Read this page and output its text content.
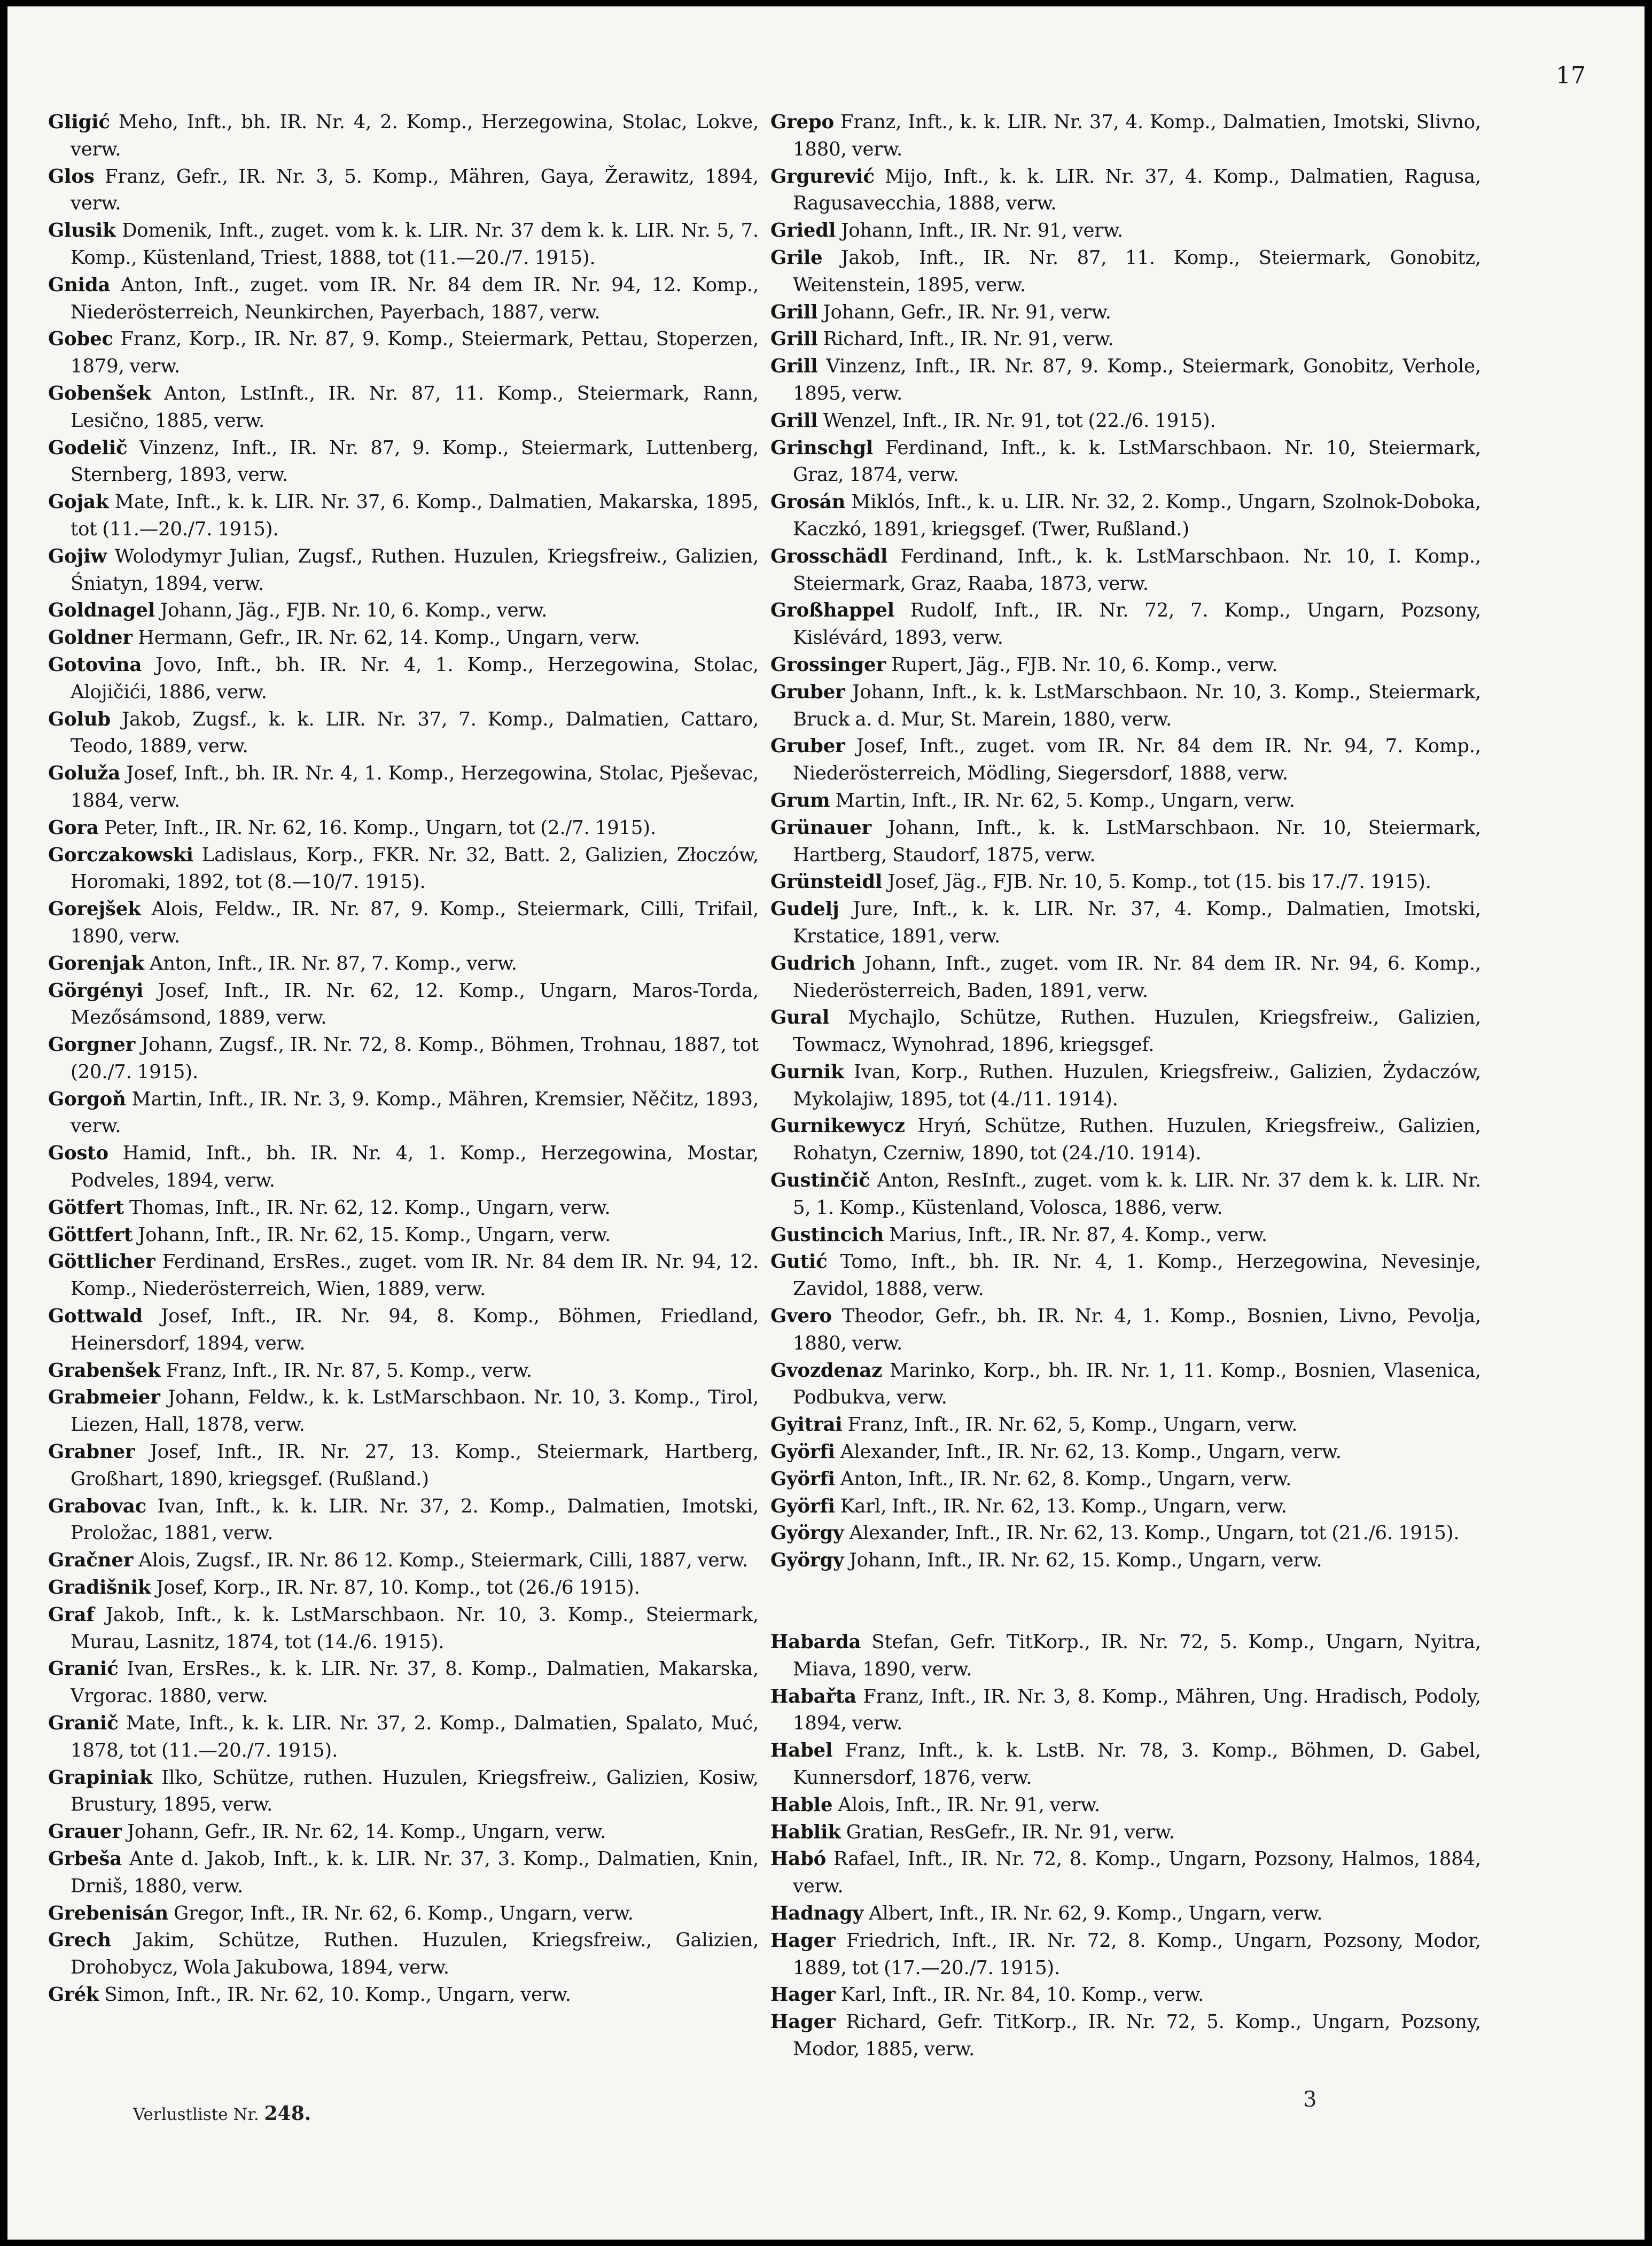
17

Gligić Meho, Inft., bh. IR. Nr. 4, 2. Komp., Herzegowina, Stolac, Lokve, verw.

Glos Franz, Gefr., IR. Nr. 3, 5. Komp., Mähren, Gaya, Žerawitz, 1894, verw.

Glusik Domenik, Inft., zuget. vom k. k. LIR. Nr. 37 dem k. k. LIR. Nr. 5, 7. Komp., Küstenland, Triest, 1888, tot (11.—20./7. 1915).

Gnida Anton, Inft., zuget. vom IR. Nr. 84 dem IR. Nr. 94, 12. Komp., Niederösterreich, Neunkirchen, Payerbach, 1887, verw.

Gobec Franz, Korp., IR. Nr. 87, 9. Komp., Steiermark, Pettau, Stoperzen, 1879, verw.

Gobenšek Anton, LstInft., IR. Nr. 87, 11. Komp., Steiermark, Rann, Lesično, 1885, verw.

Godelič Vinzenz, Inft., IR. Nr. 87, 9. Komp., Steiermark, Luttenberg, Sternberg, 1893, verw.

Gojak Mate, Inft., k. k. LIR. Nr. 37, 6. Komp., Dalmatien, Makarska, 1895, tot (11.—20./7. 1915).

Gojiw Wolodymyr Julian, Zugsf., Ruthen. Huzulen, Kriegsfreiw., Galizien, Śniatyn, 1894, verw.

Goldnagel Johann, Jäg., FJB. Nr. 10, 6. Komp., verw.

Goldner Hermann, Gefr., IR. Nr. 62, 14. Komp., Ungarn, verw.

Gotovina Jovo, Inft., bh. IR. Nr. 4, 1. Komp., Herzegowina, Stolac, Alojičići, 1886, verw.

Golub Jakob, Zugsf., k. k. LIR. Nr. 37, 7. Komp., Dalmatien, Cattaro, Teodo, 1889, verw.

Goluža Josef, Inft., bh. IR. Nr. 4, 1. Komp., Herzegowina, Stolac, Pješevac, 1884, verw.

Gora Peter, Inft., IR. Nr. 62, 16. Komp., Ungarn, tot (2./7. 1915).

Gorczakowski Ladislaus, Korp., FKR. Nr. 32, Batt. 2, Galizien, Złoczów, Horomaki, 1892, tot (8.—10/7. 1915).

Gorejšek Alois, Feldw., IR. Nr. 87, 9. Komp., Steiermark, Cilli, Trifail, 1890, verw.

Gorenjak Anton, Inft., IR. Nr. 87, 7. Komp., verw.

Görgényi Josef, Inft., IR. Nr. 62, 12. Komp., Ungarn, Maros-Torda, Mezősámsond, 1889, verw.

Gorgner Johann, Zugsf., IR. Nr. 72, 8. Komp., Böhmen, Trohnau, 1887, tot (20./7. 1915).

Gorgoň Martin, Inft., IR. Nr. 3, 9. Komp., Mähren, Kremsier, Něčitz, 1893, verw.

Gosto Hamid, Inft., bh. IR. Nr. 4, 1. Komp., Herzegowina, Mostar, Podveles, 1894, verw.

Götfert Thomas, Inft., IR. Nr. 62, 12. Komp., Ungarn, verw.

Göttfert Johann, Inft., IR. Nr. 62, 15. Komp., Ungarn, verw.

Göttlicher Ferdinand, ErsRes., zuget. vom IR. Nr. 84 dem IR. Nr. 94, 12. Komp., Niederösterreich, Wien, 1889, verw.

Gottwald Josef, Inft., IR. Nr. 94, 8. Komp., Böhmen, Friedland, Heinersdorf, 1894, verw.

Grabenšek Franz, Inft., IR. Nr. 87, 5. Komp., verw.

Grabmeier Johann, Feldw., k. k. LstMarschbaon. Nr. 10, 3. Komp., Tirol, Liezen, Hall, 1878, verw.

Grabner Josef, Inft., IR. Nr. 27, 13. Komp., Steiermark, Hartberg, Großhart, 1890, kriegsgef. (Rußland.)

Grabovac Ivan, Inft., k. k. LIR. Nr. 37, 2. Komp., Dalmatien, Imotski, Proložac, 1881, verw.

Gračner Alois, Zugsf., IR. Nr. 86 12. Komp., Steiermark, Cilli, 1887, verw.

Gradišnik Josef, Korp., IR. Nr. 87, 10. Komp., tot (26./6 1915).

Graf Jakob, Inft., k. k. LstMarschbaon. Nr. 10, 3. Komp., Steiermark, Murau, Lasnitz, 1874, tot (14./6. 1915).

Granić Ivan, ErsRes., k. k. LIR. Nr. 37, 8. Komp., Dalmatien, Makarska, Vrgorac. 1880, verw.

Granič Mate, Inft., k. k. LIR. Nr. 37, 2. Komp., Dalmatien, Spalato, Muć, 1878, tot (11.—20./7. 1915).

Grapiniak Ilko, Schütze, ruthen. Huzulen, Kriegsfreiw., Galizien, Kosiw, Brustury, 1895, verw.

Grauer Johann, Gefr., IR. Nr. 62, 14. Komp., Ungarn, verw.

Grbeša Ante d. Jakob, Inft., k. k. LIR. Nr. 37, 3. Komp., Dalmatien, Knin, Drniš, 1880, verw.

Grebenisán Gregor, Inft., IR. Nr. 62, 6. Komp., Ungarn, verw.

Grech Jakim, Schütze, Ruthen. Huzulen, Kriegsfreiw., Galizien, Drohobycz, Wola Jakubowa, 1894, verw.

Grék Simon, Inft., IR. Nr. 62, 10. Komp., Ungarn, verw.

Grepo Franz, Inft., k. k. LIR. Nr. 37, 4. Komp., Dalmatien, Imotski, Slivno, 1880, verw.

Grgurević Mijo, Inft., k. k. LIR. Nr. 37, 4. Komp., Dalmatien, Ragusa, Ragusavecchia, 1888, verw.

Griedl Johann, Inft., IR. Nr. 91, verw.

Grile Jakob, Inft., IR. Nr. 87, 11. Komp., Steiermark, Gonobitz, Weitenstein, 1895, verw.

Grill Johann, Gefr., IR. Nr. 91, verw.

Grill Richard, Inft., IR. Nr. 91, verw.

Grill Vinzenz, Inft., IR. Nr. 87, 9. Komp., Steiermark, Gonobitz, Verhole, 1895, verw.

Grill Wenzel, Inft., IR. Nr. 91, tot (22./6. 1915).

Grinschgl Ferdinand, Inft., k. k. LstMarschbaon. Nr. 10, Steiermark, Graz, 1874, verw.

Grosán Miklós, Inft., k. u. LIR. Nr. 32, 2. Komp., Ungarn, Szolnok-Doboka, Kaczkó, 1891, kriegsgef. (Twer, Rußland.)

Grosschädl Ferdinand, Inft., k. k. LstMarschbaon. Nr. 10, I. Komp., Steiermark, Graz, Raaba, 1873, verw.

Großhappel Rudolf, Inft., IR. Nr. 72, 7. Komp., Ungarn, Pozsony, Kislévárd, 1893, verw.

Grossinger Rupert, Jäg., FJB. Nr. 10, 6. Komp., verw.

Gruber Johann, Inft., k. k. LstMarschbaon. Nr. 10, 3. Komp., Steiermark, Bruck a. d. Mur, St. Marein, 1880, verw.

Gruber Josef, Inft., zuget. vom IR. Nr. 84 dem IR. Nr. 94, 7. Komp., Niederösterreich, Mödling, Siegersdorf, 1888, verw.

Grum Martin, Inft., IR. Nr. 62, 5. Komp., Ungarn, verw.

Grünauer Johann, Inft., k. k. LstMarschbaon. Nr. 10, Steiermark, Hartberg, Staudorf, 1875, verw.

Grünsteidl Josef, Jäg., FJB. Nr. 10, 5. Komp., tot (15. bis 17./7. 1915).

Gudelj Jure, Inft., k. k. LIR. Nr. 37, 4. Komp., Dalmatien, Imotski, Krstatice, 1891, verw.

Gudrich Johann, Inft., zuget. vom IR. Nr. 84 dem IR. Nr. 94, 6. Komp., Niederösterreich, Baden, 1891, verw.

Gural Mychajlo, Schütze, Ruthen. Huzulen, Kriegsfreiw., Galizien, Towmacz, Wynohrad, 1896, kriegsgef.

Gurnik Ivan, Korp., Ruthen. Huzulen, Kriegsfreiw., Galizien, Żydaczów, Mykolajiw, 1895, tot (4./11. 1914).

Gurnikewycz Hryń, Schütze, Ruthen. Huzulen, Kriegsfreiw., Galizien, Rohatyn, Czerniw, 1890, tot (24./10. 1914).

Gustinčič Anton, ResInft., zuget. vom k. k. LIR. Nr. 37 dem k. k. LIR. Nr. 5, 1. Komp., Küstenland, Volosca, 1886, verw.

Gustincich Marius, Inft., IR. Nr. 87, 4. Komp., verw.

Gutić Tomo, Inft., bh. IR. Nr. 4, 1. Komp., Herzegowina, Nevesinje, Zavidol, 1888, verw.

Gvero Theodor, Gefr., bh. IR. Nr. 4, 1. Komp., Bosnien, Livno, Pevolja, 1880, verw.

Gvozdenaz Marinko, Korp., bh. IR. Nr. 1, 11. Komp., Bosnien, Vlasenica, Podbukva, verw.

Gyitrai Franz, Inft., IR. Nr. 62, 5, Komp., Ungarn, verw.

Györfi Alexander, Inft., IR. Nr. 62, 13. Komp., Ungarn, verw.

Györfi Anton, Inft., IR. Nr. 62, 8. Komp., Ungarn, verw.

Györfi Karl, Inft., IR. Nr. 62, 13. Komp., Ungarn, verw.

György Alexander, Inft., IR. Nr. 62, 13. Komp., Ungarn, tot (21./6. 1915).

György Johann, Inft., IR. Nr. 62, 15. Komp., Ungarn, verw.

Habarda Stefan, Gefr. TitKorp., IR. Nr. 72, 5. Komp., Ungarn, Nyitra, Miava, 1890, verw.

Habařta Franz, Inft., IR. Nr. 3, 8. Komp., Mähren, Ung. Hradisch, Podoly, 1894, verw.

Habel Franz, Inft., k. k. LstB. Nr. 78, 3. Komp., Böhmen, D. Gabel, Kunnersdorf, 1876, verw.

Hable Alois, Inft., IR. Nr. 91, verw.

Hablik Gratian, ResGefr., IR. Nr. 91, verw.

Habó Rafael, Inft., IR. Nr. 72, 8. Komp., Ungarn, Pozsony, Halmos, 1884, verw.

Hadnagy Albert, Inft., IR. Nr. 62, 9. Komp., Ungarn, verw.

Hager Friedrich, Inft., IR. Nr. 72, 8. Komp., Ungarn, Pozsony, Modor, 1889, tot (17.—20./7. 1915).

Hager Karl, Inft., IR. Nr. 84, 10. Komp., verw.

Hager Richard, Gefr. TitKorp., IR. Nr. 72, 5. Komp., Ungarn, Pozsony, Modor, 1885, verw.

Verlustliste Nr. 248.
3
